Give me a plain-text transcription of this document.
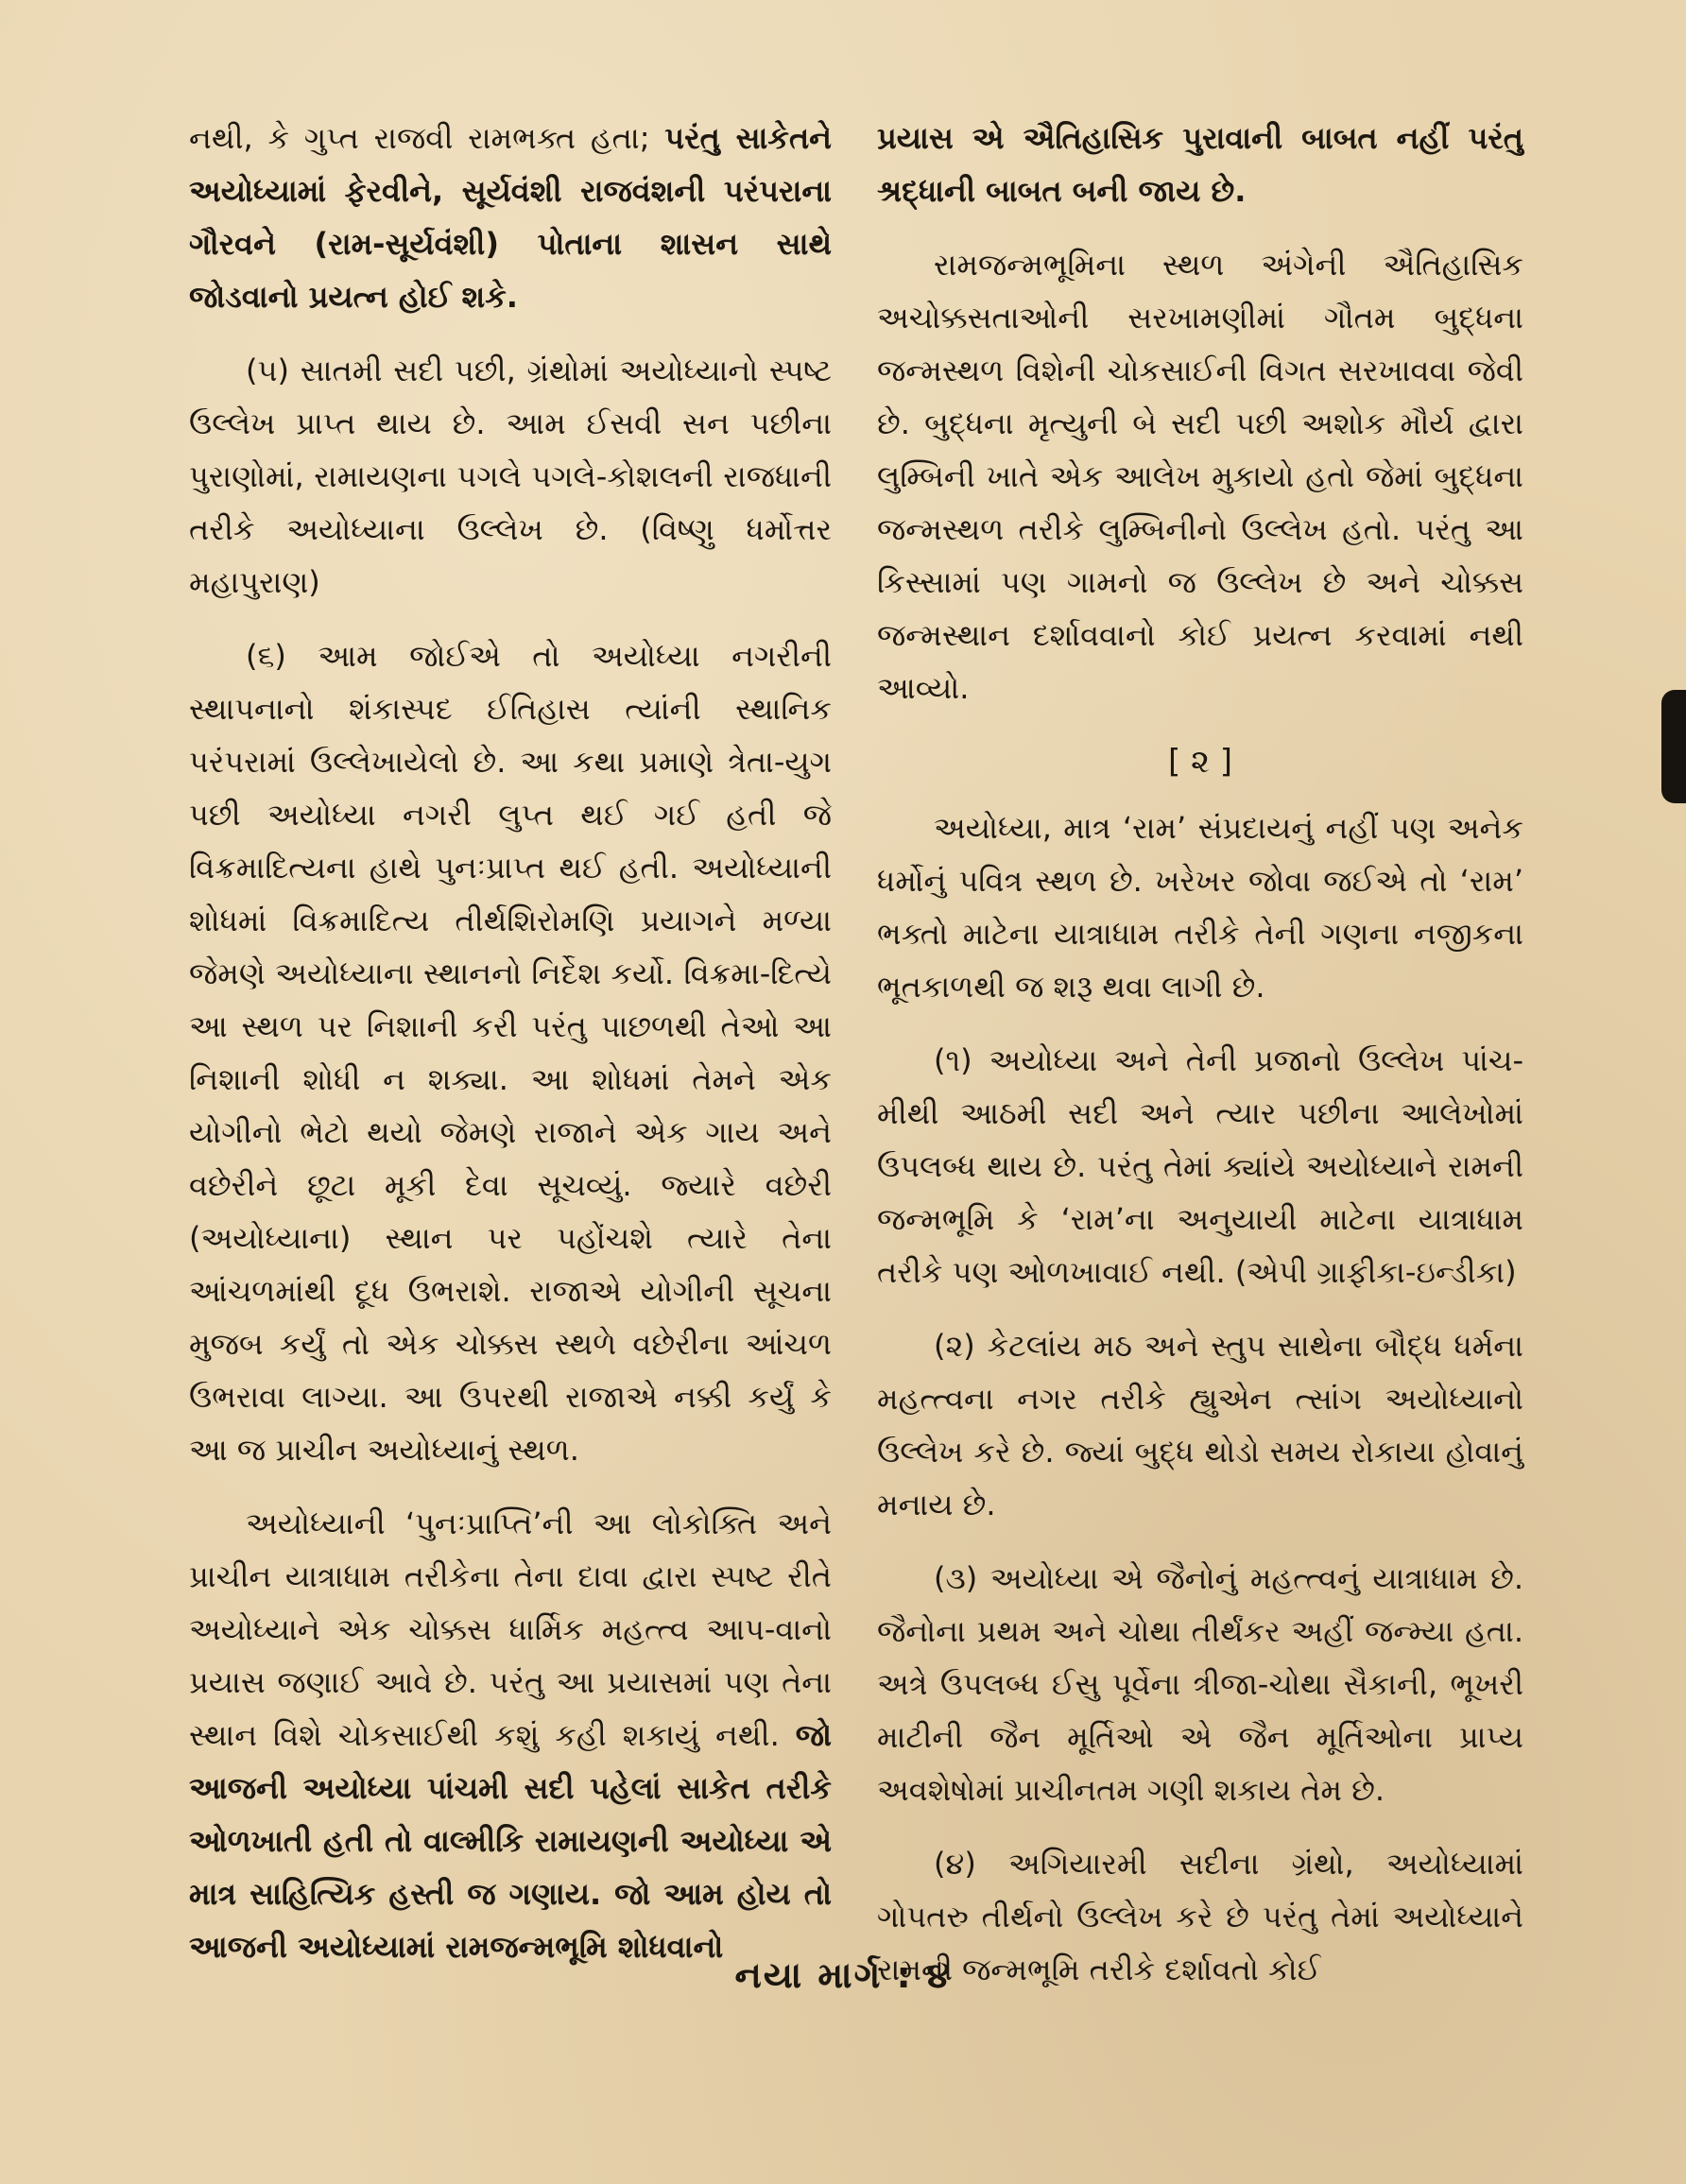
નથી, કે ગુપ્ત રાજવી રામભક્ત હતા; પરંતુ સાકેતને અયોધ્યામાં ફેરવીને, સૂર્યવંશી રાજવંશની પરંપરાના ગૌરવને (રામ-સૂર્યવંશી) પોતાના શાસન સાથે જોડવાનો પ્રયત્ન હોઈ શકે.

(૫) સાતમી સદી પછી, ગ્રંથોમાં અયોધ્યાનો સ્પષ્ટ ઉલ્લેખ પ્રાપ્ત થાય છે. આમ ઈસવી સન પછીના પુરાણોમાં, રામાયણના પગલે પગલે-કોશલની રાજધાની તરીકે અયોધ્યાના ઉલ્લેખ છે. (વિષ્ણુ ધર્મોત્તર મહાપુરાણ)

(૬) આમ જોઈએ તો અયોધ્યા નગરીની સ્થાપનાનો શંકાસ્પદ ઈતિહાસ ત્યાંની સ્થાનિક પરંપરામાં ઉલ્લેખાયેલો છે. આ કથા પ્રમાણે ત્રેતા-યુગ પછી અયોધ્યા નગરી લુપ્ત થઈ ગઈ હતી જે વિક્રમાદિત્યના હાથે પુનઃપ્રાપ્ત થઈ હતી. અયોધ્યાની શોધમાં વિક્રમાદિત્ય તીર્થશિરોમણિ પ્રયાગને મળ્યા જેમણે અયોધ્યાના સ્થાનનો નિર્દેશ કર્યો. વિક્રમા-દિત્યે આ સ્થળ પર નિશાની કરી પરંતુ પાછળથી તેઓ આ નિશાની શોધી ન શક્યા. આ શોધમાં તેમને એક યોગીનો ભેટો થયો જેમણે રાજાને એક ગાય અને વછેરીને છૂટા મૂકી દેવા સૂચવ્યું. જ્યારે વછેરી (અયોધ્યાના) સ્થાન પર પહોંચશે ત્યારે તેના આંચળમાંથી દૂધ ઉભરાશે. રાજાએ યોગીની સૂચના મુજબ કર્યું તો એક ચોક્કસ સ્થળે વછેરીના આંચળ ઉભરાવા લાગ્યા. આ ઉપરથી રાજાએ નક્કી કર્યું કે આ જ પ્રાચીન અયોધ્યાનું સ્થળ.

અયોધ્યાની ‘પુનઃપ્રાપ્તિ’ની આ લોકોક્તિ અને પ્રાચીન યાત્રાધામ તરીકેના તેના દાવા દ્વારા સ્પષ્ટ રીતે અયોધ્યાને એક ચોક્કસ ધાર્મિક મહત્ત્વ આપ-વાનો પ્રયાસ જણાઈ આવે છે. પરંતુ આ પ્રયાસમાં પણ તેના સ્થાન વિશે ચોકસાઈથી કશું કહી શકાયું નથી. જો આજની અયોધ્યા પાંચમી સદી પહેલાં સાકેત તરીકે ઓળખાતી હતી તો વાલ્મીકિ રામાયણની અયોધ્યા એ માત્ર સાહિત્યિક હસ્તી જ ગણાય. જો આમ હોય તો આજની અયોધ્યામાં રામજન્મભૂમિ શોધવાનો

પ્રયાસ એ ઐતિહાસિક પુરાવાની બાબત નહીં પરંતુ શ્રદ્ધાની બાબત બની જાય છે.

રામજન્મભૂમિના સ્થળ અંગેની ઐતિહાસિક અચોક્કસતાઓની સરખામણીમાં ગૌતમ બુદ્ધના જન્મસ્થળ વિશેની ચોકસાઈની વિગત સરખાવવા જેવી છે. બુદ્ધના મૃત્યુની બે સદી પછી અશોક મૌર્ય દ્વારા લુમ્બિની ખાતે એક આલેખ મુકાયો હતો જેમાં બુદ્ધના જન્મસ્થળ તરીકે લુમ્બિનીનો ઉલ્લેખ હતો. પરંતુ આ કિસ્સામાં પણ ગામનો જ ઉલ્લેખ છે અને ચોક્કસ જન્મસ્થાન દર્શાવવાનો કોઈ પ્રયત્ન કરવામાં નથી આવ્યો.

[ ૨ ]

અયોધ્યા, માત્ર ‘રામ’ સંપ્રદાયનું નહીં પણ અનેક ધર્મોનું પવિત્ર સ્થળ છે. ખરેખર જોવા જઈએ તો ‘રામ’ ભક્તો માટેના યાત્રાધામ તરીકે તેની ગણના નજીકના ભૂતકાળથી જ શરૂ થવા લાગી છે.

(૧) અયોધ્યા અને તેની પ્રજાનો ઉલ્લેખ પાંચ-મીથી આઠમી સદી અને ત્યાર પછીના આલેખોમાં ઉપલબ્ધ થાય છે. પરંતુ તેમાં ક્યાંયે અયોધ્યાને રામની જન્મભૂમિ કે ‘રામ’ના અનુયાયી માટેના યાત્રાધામ તરીકે પણ ઓળખાવાઈ નથી. (એપી ગ્રાફીકા-ઇન્ડીકા)

(૨) કેટલાંય મઠ અને સ્તુપ સાથેના બૌદ્ધ ધર્મના મહત્ત્વના નગર તરીકે હ્યુએન ત્સાંગ અયોધ્યાનો ઉલ્લેખ કરે છે. જ્યાં બુદ્ધ થોડો સમય રોકાયા હોવાનું મનાય છે.

(૩) અયોધ્યા એ જૈનોનું મહત્ત્વનું યાત્રાધામ છે. જૈનોના પ્રથમ અને ચોથા તીર્થંકર અહીં જન્મ્યા હતા. અત્રે ઉપલબ્ધ ઈસુ પૂર્વેના ત્રીજા-ચોથા સૈકાની, ભૂખરી માટીની જૈન મૂર્તિઓ એ જૈન મૂર્તિઓના પ્રાપ્ય અવશેષોમાં પ્રાચીનતમ ગણી શકાય તેમ છે.

(૪) અગિયારમી સદીના ગ્રંથો, અયોધ્યામાં ગોપતરુ તીર્થનો ઉલ્લેખ કરે છે પરંતુ તેમાં અયોધ્યાને રામની જન્મભૂમિ તરીકે દર્શાવતો કોઈ

નયા માર્ગ : ૪
